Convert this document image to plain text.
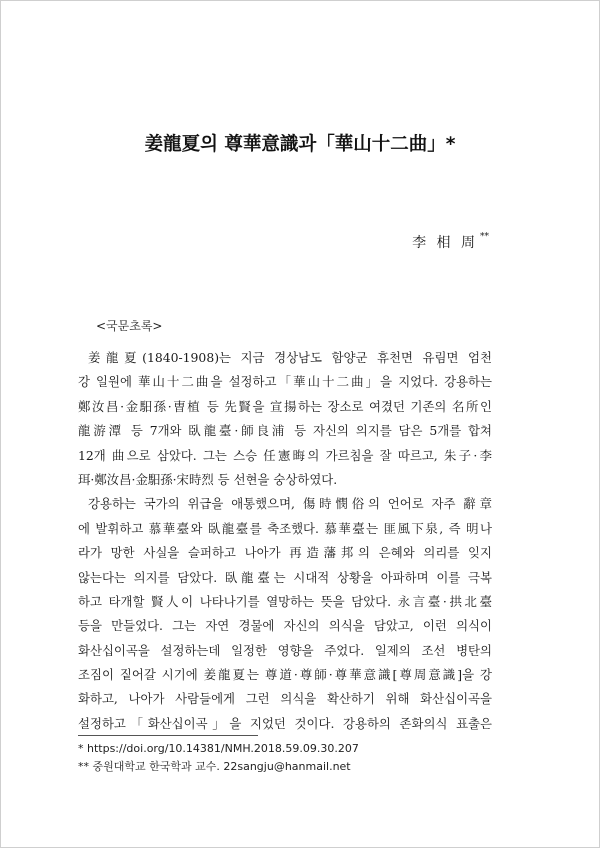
姜龍夏의 尊華意識과「華山十二曲」*
李 相 周 **
<국문초록>
姜龍夏(1840-1908)는 지금 경상남도 함양군 휴천면 유림면 엄천
강 일원에 華山十二曲을 설정하고「華山十二曲」을 지었다. 강용하는
鄭汝昌·金馹孫·曺植 등 先賢을 宣揚하는 장소로 여겼던 기존의 名所인
龍游潭 등 7개와 臥龍臺·師良浦 등 자신의 의지를 담은 5개를 합쳐
12개 曲으로 삼았다. 그는 스승 任憲晦의 가르침을 잘 따르고, 朱子·李
珥·鄭汝昌·金馹孫·宋時烈 등 선현을 숭상하였다.
강용하는 국가의 위급을 애통했으며, 傷時憫俗의 언어로 자주 辭章
에 발휘하고 慕華臺와 臥龍臺를 축조했다. 慕華臺는 匪風下泉, 즉 明나
라가 망한 사실을 슬퍼하고 나아가 再造藩邦의 은혜와 의리를 잊지
않는다는 의지를 담았다. 臥龍臺는 시대적 상황을 아파하며 이를 극복
하고 타개할 賢人이 나타나기를 열망하는 뜻을 담았다. 永言臺·拱北臺
등을 만들었다. 그는 자연 경물에 자신의 의식을 담았고, 이런 의식이
화산십이곡을 설정하는데 일정한 영향을 주었다. 일제의 조선 병탄의
조짐이 짙어갈 시기에 姜龍夏는 尊道·尊師·尊華意識[尊周意識]을 강
화하고, 나아가 사람들에게 그런 의식을 확산하기 위해 화산십이곡을
설정하고「화산십이곡」을 지었던 것이다. 강용하의 존화의식 표출은
* https://doi.org/10.14381/NMH.2018.59.09.30.207
** 중원대학교 한국학과 교수. 22sangju@hanmail.net
